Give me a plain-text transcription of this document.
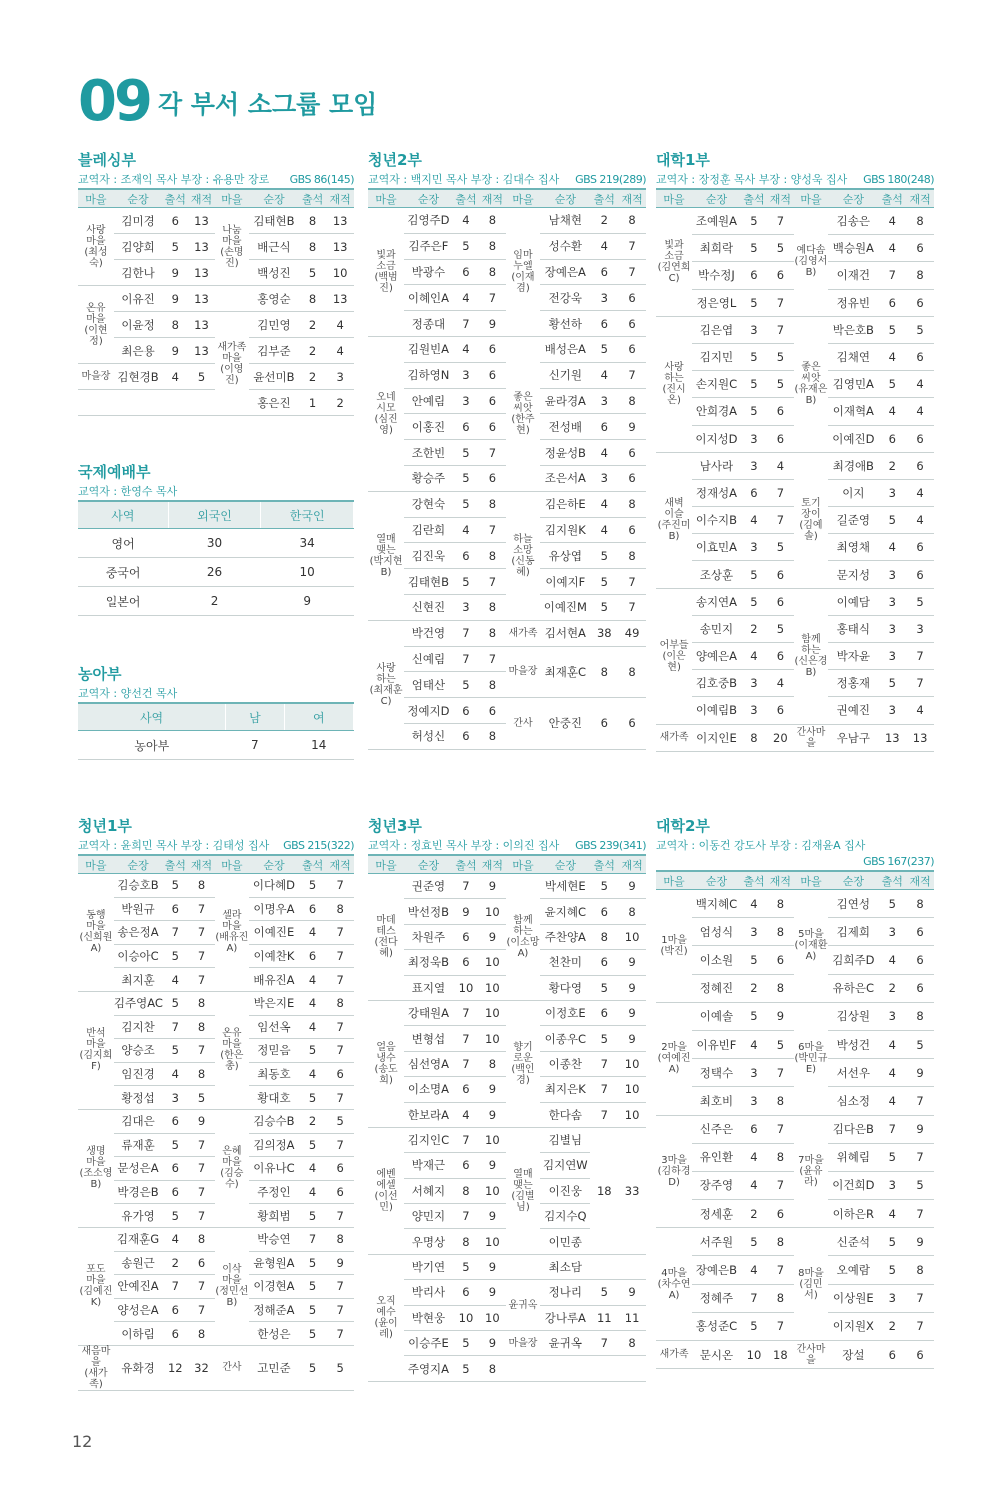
09 각 부서 소그룹 모임
블레싱부
교역자 : 조재익 목사 부장 : 유용만 장로 GBS 86(145)
마을	순장	출석	재적	마을	순장	출석	재적
사랑
마을
(최성숙)	김미경	6	13	나눔
마을
(손명진)	김태현B	8	13
	김양희	5	13		배근식	8	13
	김한나	9	13		백성진	5	10
온유
마을
(이현정)	이유진	9	13		홍영순	8	13
	이윤정	8	13	새가족
마을
(이영진)	김민영	2	4
	최은용	9	13		김부준	2	4
마을장	김현경B	4	5		윤선미B	2	3
					홍은진	1	2
청년2부
교역자 : 백지민 목사 부장 : 김대수 집사 GBS 219(289)
마을	순장	출석	재적	마을	순장	출석	재적
빛과
소금
(백범진)	김영주D	4	8	임마
누엘
(이재겸)	남채현	2	8
	김주은F	5	8		성수환	4	7
	박광수	6	8		장예은A	6	7
	이혜인A	4	7		전강욱	3	6
	정종대	7	9		황선하	6	6
오네
시모
(심진영)	김원빈A	4	6	좋은
씨앗
(한주현)	배성은A	5	6
	김하영N	3	6		신기원	4	7
	안예림	3	6		윤라경A	3	8
	이홍진	6	6		전성배	6	9
	조한빈	5	7		정윤성B	4	6
	황승주	5	6		조은서A	3	6
열매
맺는
(박지현B)	강현숙	5	8	하늘
소망
(신동혜)	김은하E	4	8
	김란희	4	7		김지원K	4	6
	김진욱	6	8		유상엽	5	8
	김태현B	5	7		이예지F	5	7
	신현진	3	8		이예진M	5	7
사랑
하는
(최재훈C)	박건영	7	8	새가족	김서현A	38	49
	신예림	7	7	마을장	최재훈C	8	8
	엄태산	5	8				
	정예지D	6	6	간사	안중진	6	6
	허성신	6	8				
대학1부
교역자 : 장정훈 목사 부장 : 양성욱 집사 GBS 180(248)
마을	순장	출석	재적	마을	순장	출석	재적
빛과
소금
(김연희C)	조예원A	5	7	예다솜
(김영서B)	김송은	4	8
	최희락	5	5		백승원A	4	6
	박수정J	6	6		이재건	7	8
	정은영L	5	7		정유빈	6	6
사랑
하는
(진시온)	김은엽	3	7	좋은
씨앗
(유재은B)	박은호B	5	5
	김지민	5	5		김채연	4	6
	손지원C	5	5		김영민A	5	4
	안희경A	5	6		이재혁A	4	4
	이지성D	3	6		이예진D	6	6
새벽
이슬
(주진미B)	남사라	3	4	토기
장이
(김예솔)	최경애B	2	6
	정재성A	6	7		이지	3	4
	이수지B	4	7		길준영	5	4
	이효민A	3	5		최영채	4	6
	조상훈	5	6		문지성	3	6
어부들
(이은현)	송지연A	5	6	함께
하는
(신은경B)	이예담	3	5
	송민지	2	5		홍태식	3	3
	양예은A	4	6		박자윤	3	7
	김호중B	3	4		정홍재	5	7
	이예림B	3	6		권예진	3	4
새가족	이지인E	8	20	간사마을	우남구	13	13
국제예배부
교역자 : 한영수 목사
사역	외국인	한국인
영어	30	34
중국어	26	10
일본어	2	9
농아부
교역자 : 양선건 목사
사역	남	여
농아부	7	14
청년1부
교역자 : 윤희민 목사 부장 : 김태성 집사 GBS 215(322)
마을	순장	출석	재적	마을	순장	출석	재적
동행
마을
(신희원A)	김승호B	5	8	셀라
마을
(배유진A)	이다혜D	5	7
	박원규	6	7		이명우A	6	8
	송은정A	7	7		이예진E	4	7
	이승아C	5	7		이예찬K	6	7
	최지훈	4	7		배유진A	4	7
반석
마을
(김지희F)	김주영AC	5	8	온유
마을
(한은총)	박은지E	4	8
	김지찬	7	8		임선옥	4	7
	양승조	5	7		정믿음	5	7
	임진경	4	8		최동호	4	6
	황정섭	3	5		황대호	5	7
생명
마을
(조소영B)	김대은	6	9	은혜
마을
(김승수)	김승수B	2	5
	류재훈	5	7		김의정A	5	7
	문성은A	6	7		이유나C	4	6
	박경은B	6	7		주정인	4	6
	유가영	5	7		황희범	5	7
포도
마을
(김예진K)	김재훈G	4	8	이삭
마을
(정민선B)	박승연	7	8
	송원근	2	6		윤형원A	5	9
	안예진A	7	7		이경현A	5	7
	양성은A	6	7		정해준A	5	7
	이하림	6	8		한성은	5	7
새음마을
(새가족)	유화경	12	32	간사	고민준	5	5
청년3부
교역자 : 정효빈 목사 부장 : 이의진 집사 GBS 239(341)
마을	순장	출석	재적	마을	순장	출석	재적
마데
테스
(전다혜)	권준영	7	9	함께
하는
(이소망A)	박세현E	5	9
	박선정B	9	10		윤지혜C	6	8
	차원주	6	9		주찬양A	8	10
	최정욱B	6	10		천찬미	6	9
	표지열	10	10		황다영	5	9
얼음
냉수
(송도희)	강태원A	7	10	향기
로운
(백인경)	이정호E	6	9
	변형섭	7	10		이종우C	5	9
	심선영A	7	8		이종찬	7	10
	이소명A	6	9		최지은K	7	10
	한보라A	4	9		한다솜	7	10
에벤
에셀
(이선민)	김지인C	7	10	열매
맺는
(김별님)	김별님	18	33
	박재근	6	9		김지연W		
	서혜지	8	10		이진웅		
	양민지	7	9		김지수Q		
	우명상	8	10		이민종		
오직
예수
(윤이레)	박기연	5	9		최소담		
	박리사	6	9	윤귀옥	정나리	5	9
	박현웅	10	10		강나루A	11	11
	이승주E	5	9	마을장	윤귀옥	7	8
	주영지A	5	8				
대학2부
교역자 : 이동건 강도사 부장 : 김재윤A 집사
GBS 167(237)
마을	순장	출석	재적	마을	순장	출석	재적
1마을
(박진)	백지혜C	4	8	5마을
(이재환A)	김연성	5	8
	엄성식	3	8		김제희	3	6
	이소원	5	6		김희주D	4	6
	정혜진	2	8		유하은C	2	6
2마을
(여예진A)	이예솔	5	9	6마을
(박민규E)	김상원	3	8
	이유빈F	4	5		박성건	4	5
	정택수	3	7		서선우	4	9
	최호비	3	8		심소정	4	7
3마을
(김하경D)	신주은	6	7	7마을
(윤유라)	김다은B	7	9
	유인환	4	8		위혜림	5	7
	장주영	4	7		이건희D	3	5
	정세훈	2	6		이하은R	4	7
4마을
(차수연A)	서주원	5	8	8마을
(김민서)	신준석	5	9
	장예은B	4	7		오예람	5	8
	정혜주	7	8		이상원E	3	7
	홍성준C	5	7		이지원X	2	7
새가족	문시온	10	18	간사마을	장설	6	6
12
